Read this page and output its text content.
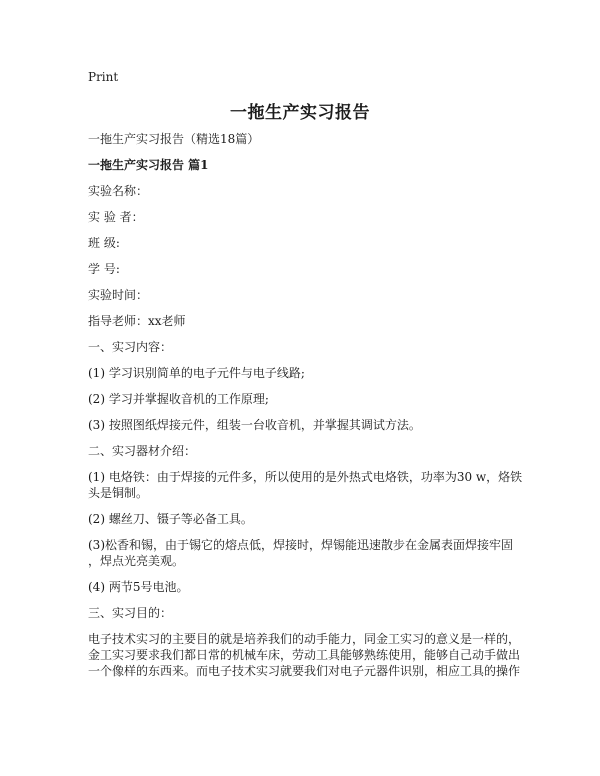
Print
一拖生产实习报告

一拖生产实习报告（精选18篇）

一拖生产实习报告 篇1

实验名称：

实 验 者：

班 级:

学 号:

实验时间：

指导老师：xx老师

一、实习内容：

(1) 学习识别简单的电子元件与电子线路;

(2) 学习并掌握收音机的工作原理;

(3) 按照图纸焊接元件，组装一台收音机，并掌握其调试方法。

二、实习器材介绍：

(1) 电烙铁：由于焊接的元件多，所以使用的是外热式电烙铁，功率为30 w，烙铁

头是铜制。

(2) 螺丝刀、镊子等必备工具。

(3)松香和锡，由于锡它的熔点低，焊接时，焊锡能迅速散步在金属表面焊接牢固

，焊点光亮美观。

(4) 两节5号电池。

三、实习目的：

电子技术实习的主要目的就是培养我们的动手能力，同金工实习的意义是一样的，

金工实习要求我们都日常的机械车床，劳动工具能够熟练使用，能够自己动手做出

一个像样的东西来。而电子技术实习就要我们对电子元器件识别，相应工具的操作
